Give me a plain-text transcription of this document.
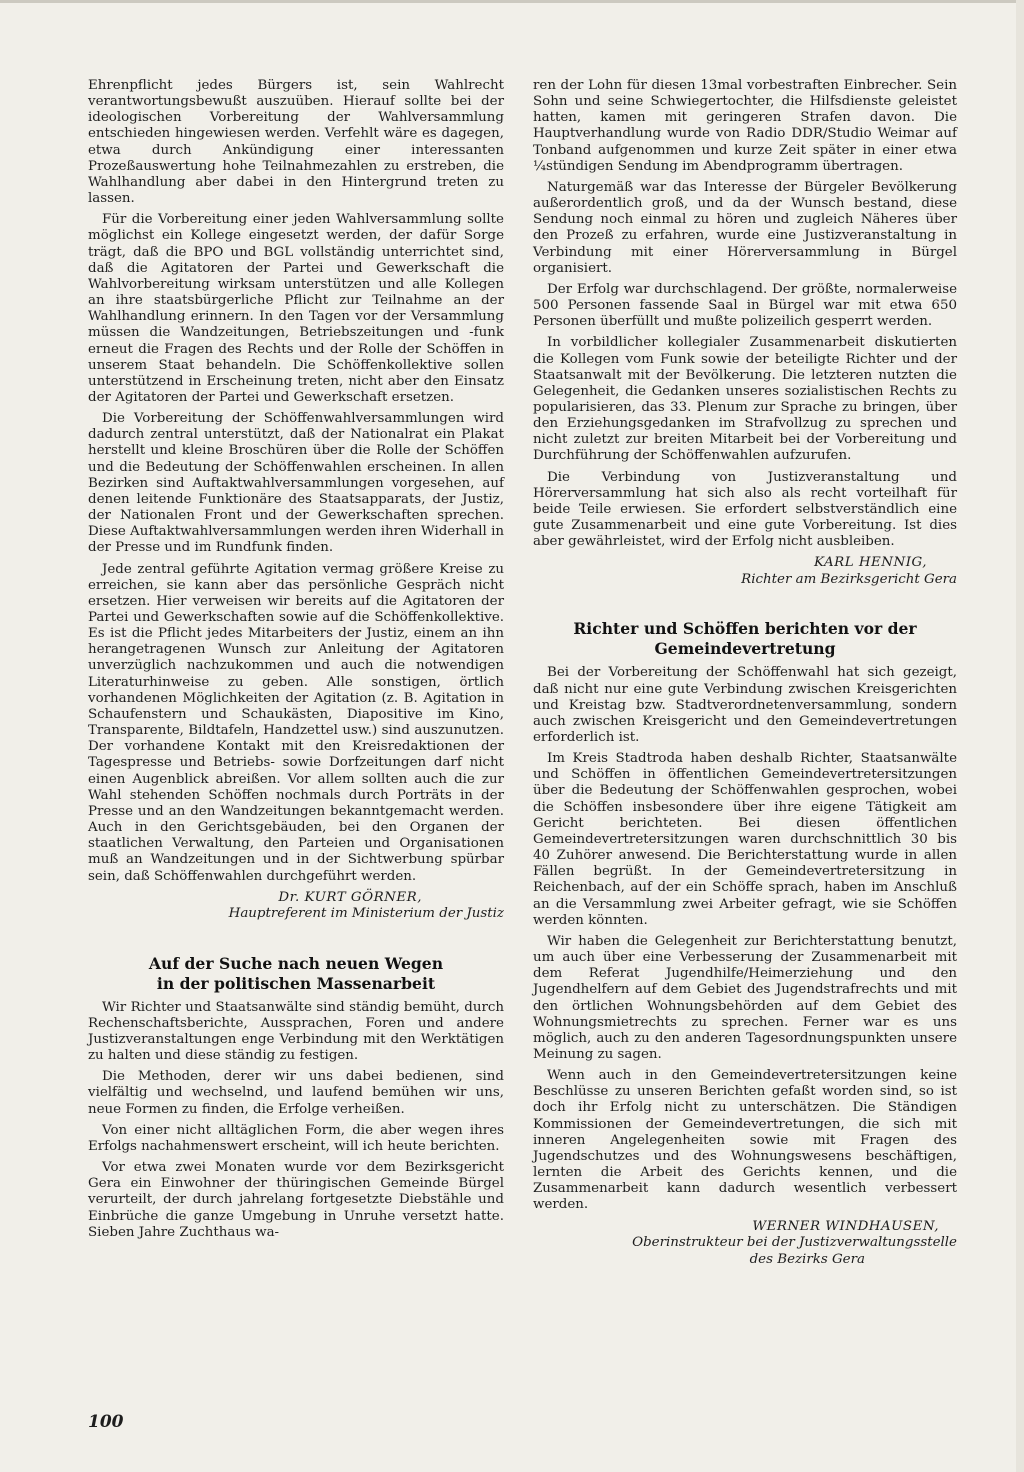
Ehrenpflicht jedes Bürgers ist, sein Wahlrecht verantwortungsbewußt auszuüben. Hierauf sollte bei der ideologischen Vorbereitung der Wahlversammlung entschieden hingewiesen werden. Verfehlt wäre es dagegen, etwa durch Ankündigung einer interessanten Prozeßauswertung hohe Teilnahmezahlen zu erstreben, die Wahlhandlung aber dabei in den Hintergrund treten zu lassen.

Für die Vorbereitung einer jeden Wahlversammlung sollte möglichst ein Kollege eingesetzt werden, der dafür Sorge trägt, daß die BPO und BGL vollständig unterrichtet sind, daß die Agitatoren der Partei und Gewerkschaft die Wahlvorbereitung wirksam unterstützen und alle Kollegen an ihre staatsbürgerliche Pflicht zur Teilnahme an der Wahlhandlung erinnern. In den Tagen vor der Versammlung müssen die Wandzeitungen, Betriebszeitungen und -funk erneut die Fragen des Rechts und der Rolle der Schöffen in unserem Staat behandeln. Die Schöffenkollektive sollen unterstützend in Erscheinung treten, nicht aber den Einsatz der Agitatoren der Partei und Gewerkschaft ersetzen.

Die Vorbereitung der Schöffenwahlversammlungen wird dadurch zentral unterstützt, daß der Nationalrat ein Plakat herstellt und kleine Broschüren über die Rolle der Schöffen und die Bedeutung der Schöffenwahlen erscheinen. In allen Bezirken sind Auftaktwahlversammlungen vorgesehen, auf denen leitende Funktionäre des Staatsapparats, der Justiz, der Nationalen Front und der Gewerkschaften sprechen. Diese Auftaktwahlversammlungen werden ihren Widerhall in der Presse und im Rundfunk finden.

Jede zentral geführte Agitation vermag größere Kreise zu erreichen, sie kann aber das persönliche Gespräch nicht ersetzen. Hier verweisen wir bereits auf die Agitatoren der Partei und Gewerkschaften sowie auf die Schöffenkollektive. Es ist die Pflicht jedes Mitarbeiters der Justiz, einem an ihn herangetragenen Wunsch zur Anleitung der Agitatoren unverzüglich nachzukommen und auch die notwendigen Literaturhinweise zu geben. Alle sonstigen, örtlich vorhandenen Möglichkeiten der Agitation (z. B. Agitation in Schaufenstern und Schaukästen, Diapositive im Kino, Transparente, Bildtafeln, Handzettel usw.) sind auszunutzen. Der vorhandene Kontakt mit den Kreisredaktionen der Tagespresse und Betriebs- sowie Dorfzeitungen darf nicht einen Augenblick abreißen. Vor allem sollten auch die zur Wahl stehenden Schöffen nochmals durch Porträts in der Presse und an den Wandzeitungen bekanntgemacht werden. Auch in den Gerichtsgebäuden, bei den Organen der staatlichen Verwaltung, den Parteien und Organisationen muß an Wandzeitungen und in der Sichtwerbung spürbar sein, daß Schöffenwahlen durchgeführt werden.

Dr. KURT GÖRNER,
Hauptreferent im Ministerium der Justiz
Auf der Suche nach neuen Wegen
in der politischen Massenarbeit

Wir Richter und Staatsanwälte sind ständig bemüht, durch Rechenschaftsberichte, Aussprachen, Foren und andere Justizveranstaltungen enge Verbindung mit den Werktätigen zu halten und diese ständig zu festigen.

Die Methoden, derer wir uns dabei bedienen, sind vielfältig und wechselnd, und laufend bemühen wir uns, neue Formen zu finden, die Erfolge verheißen.

Von einer nicht alltäglichen Form, die aber wegen ihres Erfolgs nachahmenswert erscheint, will ich heute berichten.

Vor etwa zwei Monaten wurde vor dem Bezirksgericht Gera ein Einwohner der thüringischen Gemeinde Bürgel verurteilt, der durch jahrelang fortgesetzte Diebstähle und Einbrüche die ganze Umgebung in Unruhe versetzt hatte. Sieben Jahre Zuchthaus wa-

ren der Lohn für diesen 13mal vorbestraften Einbrecher. Sein Sohn und seine Schwiegertochter, die Hilfsdienste geleistet hatten, kamen mit geringeren Strafen davon. Die Hauptverhandlung wurde von Radio DDR/Studio Weimar auf Tonband aufgenommen und kurze Zeit später in einer etwa ¼stündigen Sendung im Abendprogramm übertragen.

Naturgemäß war das Interesse der Bürgeler Bevölkerung außerordentlich groß, und da der Wunsch bestand, diese Sendung noch einmal zu hören und zugleich Näheres über den Prozeß zu erfahren, wurde eine Justizveranstaltung in Verbindung mit einer Hörerversammlung in Bürgel organisiert.

Der Erfolg war durchschlagend. Der größte, normalerweise 500 Personen fassende Saal in Bürgel war mit etwa 650 Personen überfüllt und mußte polizeilich gesperrt werden.

In vorbildlicher kollegialer Zusammenarbeit diskutierten die Kollegen vom Funk sowie der beteiligte Richter und der Staatsanwalt mit der Bevölkerung. Die letzteren nutzten die Gelegenheit, die Gedanken unseres sozialistischen Rechts zu popularisieren, das 33. Plenum zur Sprache zu bringen, über den Erziehungsgedanken im Strafvollzug zu sprechen und nicht zuletzt zur breiten Mitarbeit bei der Vorbereitung und Durchführung der Schöffenwahlen aufzurufen.

Die Verbindung von Justizveranstaltung und Hörerversammlung hat sich also als recht vorteilhaft für beide Teile erwiesen. Sie erfordert selbstverständlich eine gute Zusammenarbeit und eine gute Vorbereitung. Ist dies aber gewährleistet, wird der Erfolg nicht ausbleiben.

KARL HENNIG,
Richter am Bezirksgericht Gera
Richter und Schöffen berichten vor der
Gemeindevertretung

Bei der Vorbereitung der Schöffenwahl hat sich gezeigt, daß nicht nur eine gute Verbindung zwischen Kreisgerichten und Kreistag bzw. Stadtverordnetenversammlung, sondern auch zwischen Kreisgericht und den Gemeindevertretungen erforderlich ist.

Im Kreis Stadtroda haben deshalb Richter, Staatsanwälte und Schöffen in öffentlichen Gemeindevertretersitzungen über die Bedeutung der Schöffenwahlen gesprochen, wobei die Schöffen insbesondere über ihre eigene Tätigkeit am Gericht berichteten. Bei diesen öffentlichen Gemeindevertretersitzungen waren durchschnittlich 30 bis 40 Zuhörer anwesend. Die Berichterstattung wurde in allen Fällen begrüßt. In der Gemeindevertretersitzung in Reichenbach, auf der ein Schöffe sprach, haben im Anschluß an die Versammlung zwei Arbeiter gefragt, wie sie Schöffen werden könnten.

Wir haben die Gelegenheit zur Berichterstattung benutzt, um auch über eine Verbesserung der Zusammenarbeit mit dem Referat Jugendhilfe/Heimerziehung und den Jugendhelfern auf dem Gebiet des Jugendstrafrechts und mit den örtlichen Wohnungsbehörden auf dem Gebiet des Wohnungsmietrechts zu sprechen. Ferner war es uns möglich, auch zu den anderen Tagesordnungspunkten unsere Meinung zu sagen.

Wenn auch in den Gemeindevertretersitzungen keine Beschlüsse zu unseren Berichten gefaßt worden sind, so ist doch ihr Erfolg nicht zu unterschätzen. Die Ständigen Kommissionen der Gemeindevertretungen, die sich mit inneren Angelegenheiten sowie mit Fragen des Jugendschutzes und des Wohnungswesens beschäftigen, lernten die Arbeit des Gerichts kennen, und die Zusammenarbeit kann dadurch wesentlich verbessert werden.

WERNER WINDHAUSEN,
Oberinstrukteur bei der Justizverwaltungsstelle
des Bezirks Gera
100
